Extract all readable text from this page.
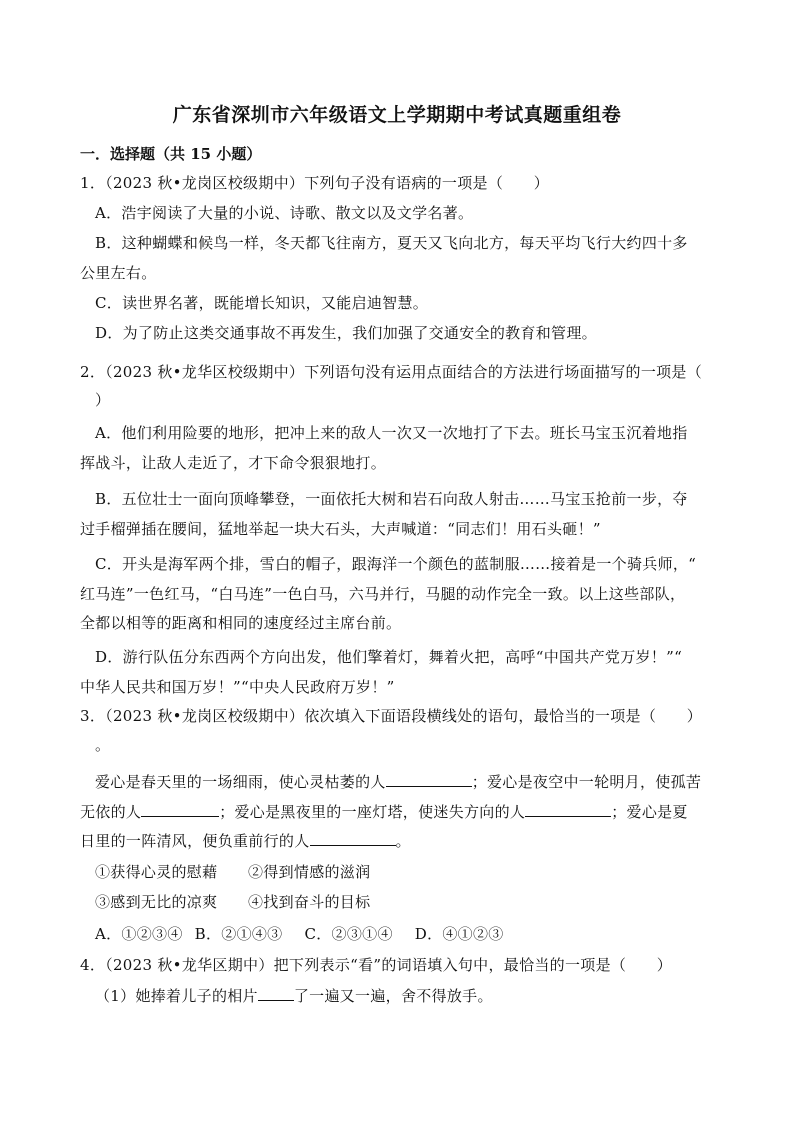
广东省深圳市六年级语文上学期期中考试真题重组卷
一．选择题（共 15 小题）
1．（2023 秋•龙岗区校级期中）下列句子没有语病的一项是（　　）
A．浩宇阅读了大量的小说、诗歌、散文以及文学名著。
B．这种蝴蝶和候鸟一样，冬天都飞往南方，夏天又飞向北方，每天平均飞行大约四十多
公里左右。
C．读世界名著，既能增长知识，又能启迪智慧。
D．为了防止这类交通事故不再发生，我们加强了交通安全的教育和管理。
2．（2023 秋•龙华区校级期中）下列语句没有运用点面结合的方法进行场面描写的一项是（
）
A．他们利用险要的地形，把冲上来的敌人一次又一次地打了下去。班长马宝玉沉着地指
挥战斗，让敌人走近了，才下命令狠狠地打。
B．五位壮士一面向顶峰攀登，一面依托大树和岩石向敌人射击……马宝玉抢前一步，夺
过手榴弹插在腰间，猛地举起一块大石头，大声喊道：“同志们！用石头砸！”
C．开头是海军两个排，雪白的帽子，跟海洋一个颜色的蓝制服……接着是一个骑兵师，“
红马连”一色红马，“白马连”一色白马，六马并行，马腿的动作完全一致。以上这些部队，
全都以相等的距离和相同的速度经过主席台前。
D．游行队伍分东西两个方向出发，他们擎着灯，舞着火把，高呼“中国共产党万岁！”“
中华人民共和国万岁！”“中央人民政府万岁！”
3．（2023 秋•龙岗区校级期中）依次填入下面语段横线处的语句，最恰当的一项是（　　）
。
爱心是春天里的一场细雨，使心灵枯萎的人	；爱心是夜空中一轮明月，使孤苦
无依的人	；爱心是黑夜里的一座灯塔，使迷失方向的人	；爱心是夏
日里的一阵清风，便负重前行的人	。
①获得心灵的慰藉　　②得到情感的滋润
③感到无比的凉爽　　④找到奋斗的目标
A．①②③④ B．②①④③ C．②③①④ D．④①②③
4．（2023 秋•龙华区期中）把下列表示“看”的词语填入句中，最恰当的一项是（　　）
（1）她捧着儿子的相片 了一遍又一遍，舍不得放手。
